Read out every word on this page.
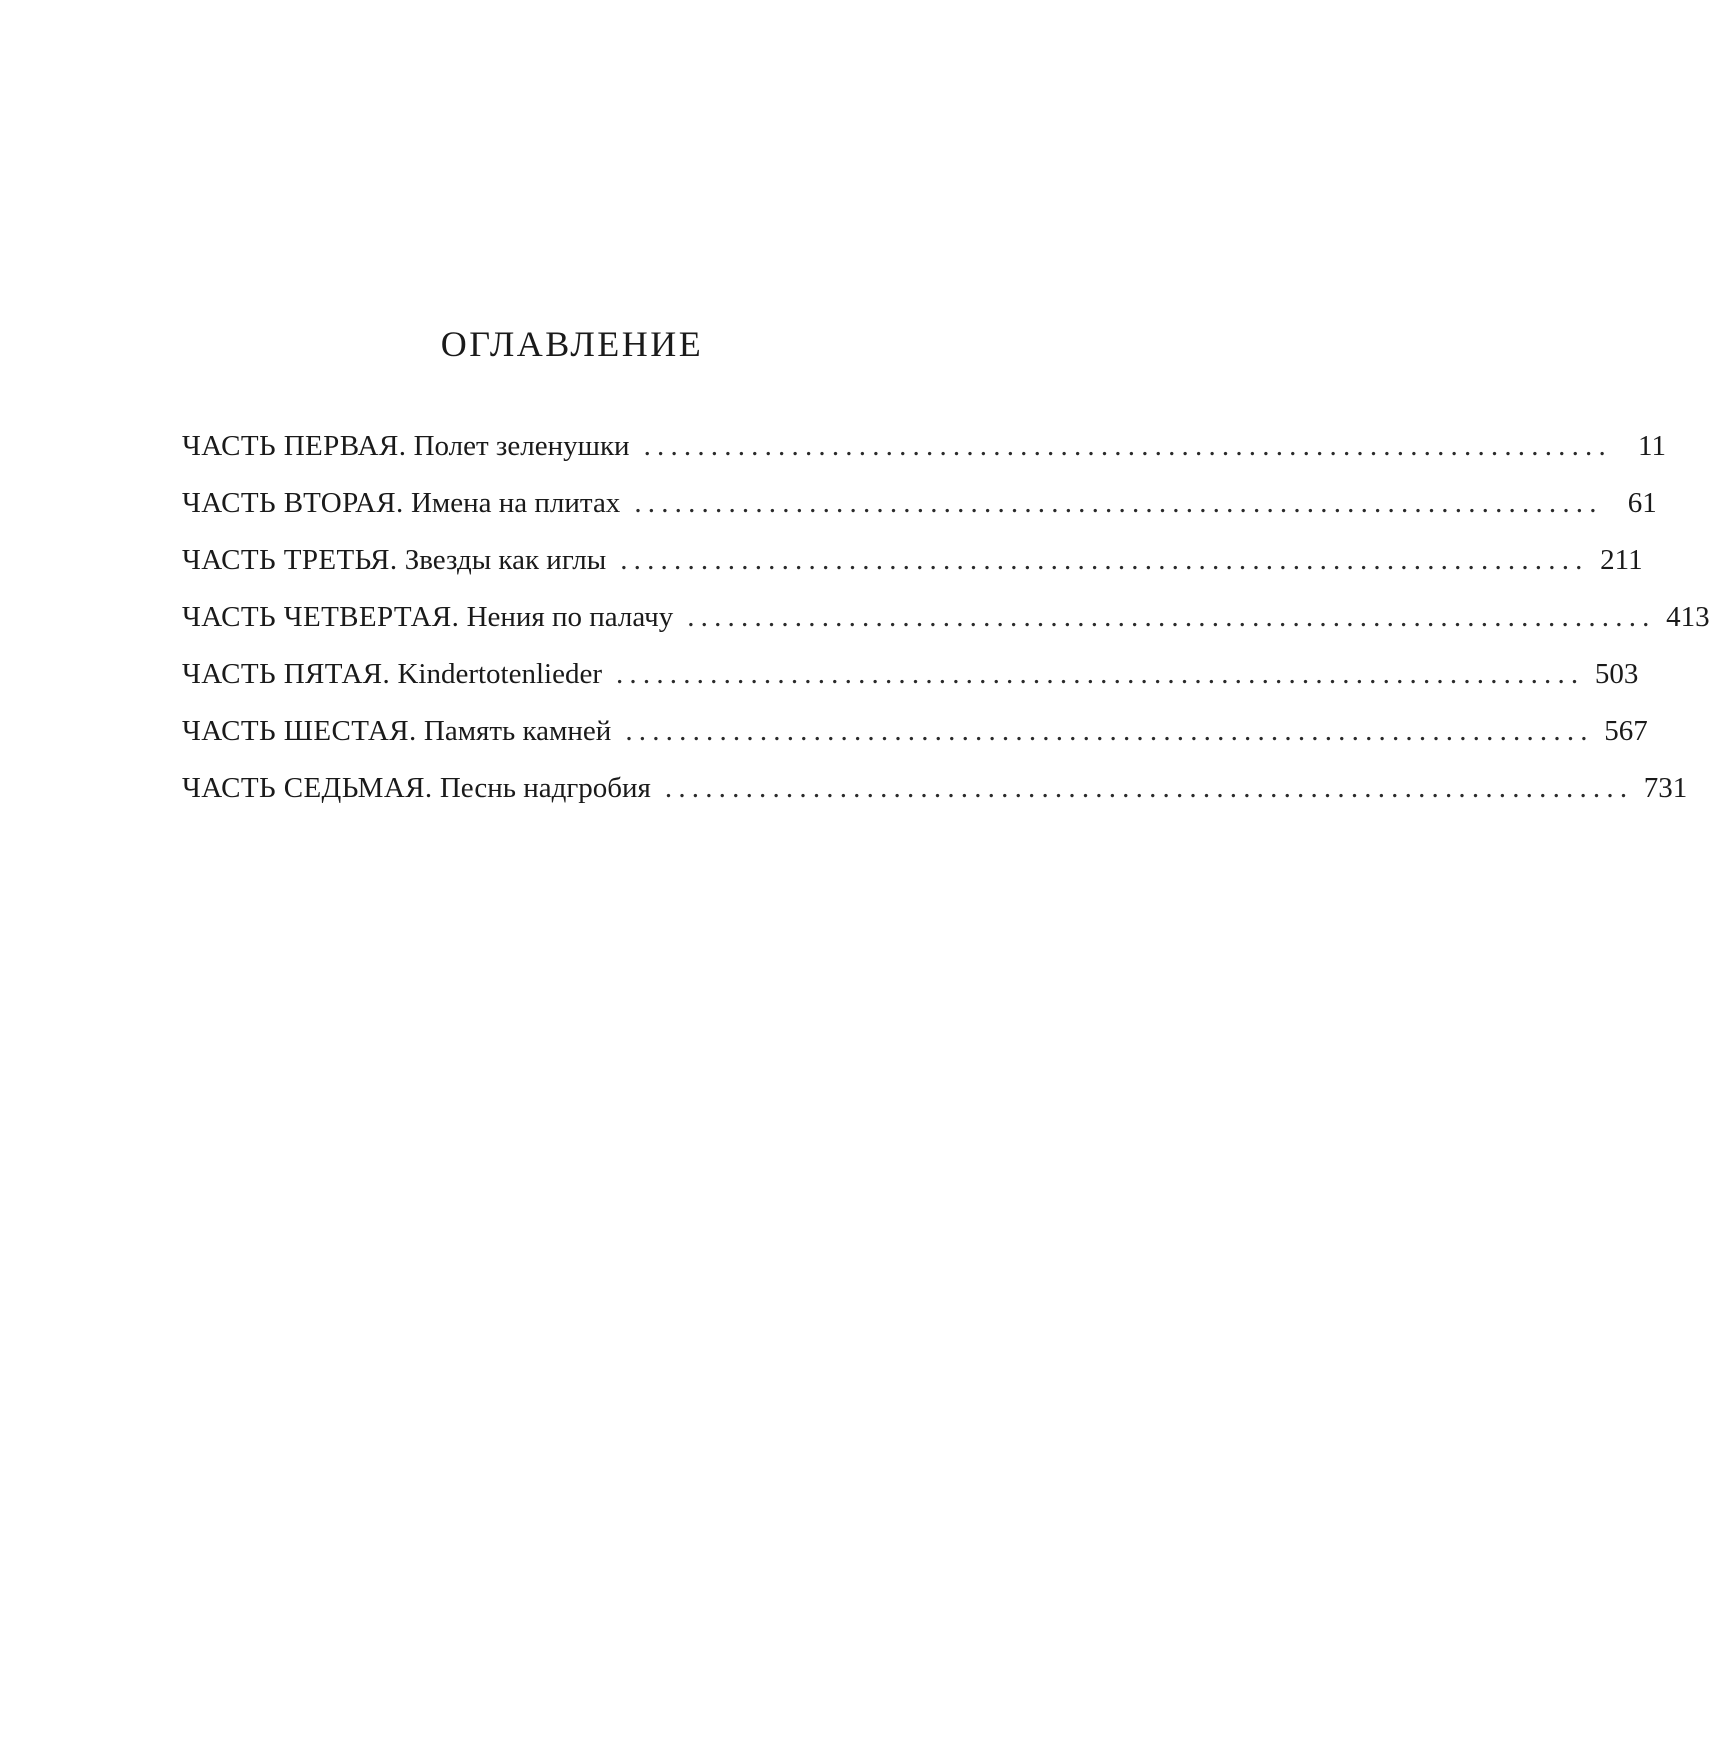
ОГЛАВЛЕНИЕ
ЧАСТЬ ПЕРВАЯ.
Полет зеленушки ........................................................................ 11
ЧАСТЬ ВТОРАЯ.
Имена на плитах ........................................................................ 61
ЧАСТЬ ТРЕТЬЯ.
Звезды как иглы ........................................................................ 211
ЧАСТЬ ЧЕТВЕРТАЯ.
Нения по палачу ........................................................................ 413
ЧАСТЬ ПЯТАЯ.
Kindertotenlieder ........................................................................ 503
ЧАСТЬ ШЕСТАЯ.
Память камней ........................................................................ 567
ЧАСТЬ СЕДЬМАЯ.
Песнь надгробия ........................................................................ 731
